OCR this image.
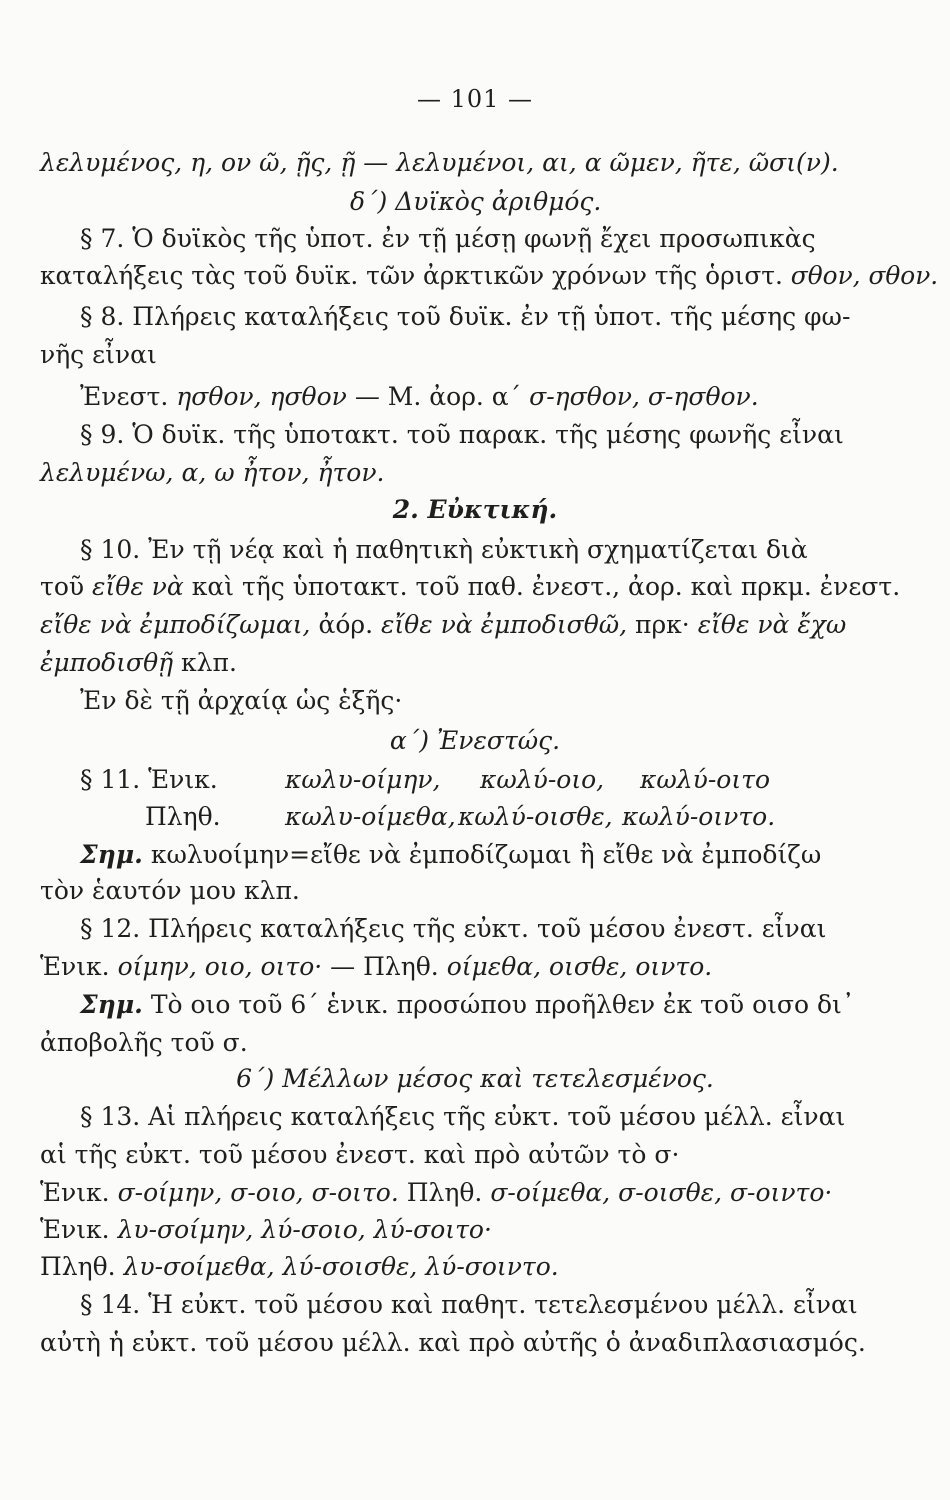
— 101 —
λελυμένος, η, ον ῶ, ῇς, ῇ — λελυμένοι, αι, α ῶμεν, ῆτε, ῶσι(ν).
δ΄) Δυϊκὸς ἀριθμός.
§ 7. Ὁ δυϊκὸς τῆς ὑποτ. ἐν τῇ μέσῃ φωνῇ ἔχει προσωπικὰς
καταλήξεις τὰς τοῦ δυϊκ. τῶν ἀρκτικῶν χρόνων τῆς ὁριστ. σθον, σθον.
§ 8. Πλήρεις καταλήξεις τοῦ δυϊκ. ἐν τῇ ὑποτ. τῆς μέσης φω-
νῆς εἶναι
Ἐνεστ. ησθον, ησθον — Μ. ἀορ. α΄ σ-ησθον, σ-ησθον.
§ 9. Ὁ δυϊκ. τῆς ὑποτακτ. τοῦ παρακ. τῆς μέσης φωνῆς εἶναι
λελυμένω, α, ω ἦτον, ἦτον.
2. Εὐκτική.
§ 10. Ἐν τῇ νέᾳ καὶ ἡ παθητικὴ εὐκτικὴ σχηματίζεται διὰ
τοῦ εἴθε νὰ καὶ τῆς ὑποτακτ. τοῦ παθ. ἐνεστ., ἀορ. καὶ πρκμ. ἐνεστ.
εἴθε νὰ ἐμποδίζωμαι, ἀόρ. εἴθε νὰ ἐμποδισθῶ, πρκ· εἴθε νὰ ἔχω
ἐμποδισθῇ κλπ.
Ἐν δὲ τῇ ἀρχαίᾳ ὡς ἑξῆς·
α΄) Ἐνεστώς.
§ 11. Ἑνικ.	κωλυ-οίμην, κωλύ-οιο, κωλύ-οιτο
Πληθ.	κωλυ-οίμεθα, κωλύ-οισθε, κωλύ-οιντο.
Σημ. κωλυοίμην=εἴθε νὰ ἐμποδίζωμαι ἢ εἴθε νὰ ἐμποδίζω
τὸν ἑαυτόν μου κλπ.
§ 12. Πλήρεις καταλήξεις τῆς εὐκτ. τοῦ μέσου ἐνεστ. εἶναι
Ἑνικ. οίμην, οιο, οιτο· — Πληθ. οίμεθα, οισθε, οιντο.
Σημ. Τὸ οιο τοῦ 6΄ ἑνικ. προσώπου προῆλθεν ἐκ τοῦ οισο δι᾽
ἀποβολῆς τοῦ σ.
6΄) Μέλλων μέσος καὶ τετελεσμένος.
§ 13. Αἱ πλήρεις καταλήξεις τῆς εὐκτ. τοῦ μέσου μέλλ. εἶναι
αἱ τῆς εὐκτ. τοῦ μέσου ἐνεστ. καὶ πρὸ αὐτῶν τὸ σ·
Ἑνικ. σ-οίμην, σ-οιο, σ-οιτο. Πληθ. σ-οίμεθα, σ-οισθε, σ-οιντο·
Ἑνικ. λυ-σοίμην, λύ-σοιο, λύ-σοιτο·
Πληθ. λυ-σοίμεθα, λύ-σοισθε, λύ-σοιντο.
§ 14. Ἡ εὐκτ. τοῦ μέσου καὶ παθητ. τετελεσμένου μέλλ. εἶναι
αὐτὴ ἡ εὐκτ. τοῦ μέσου μέλλ. καὶ πρὸ αὐτῆς ὁ ἀναδιπλασιασμός.
